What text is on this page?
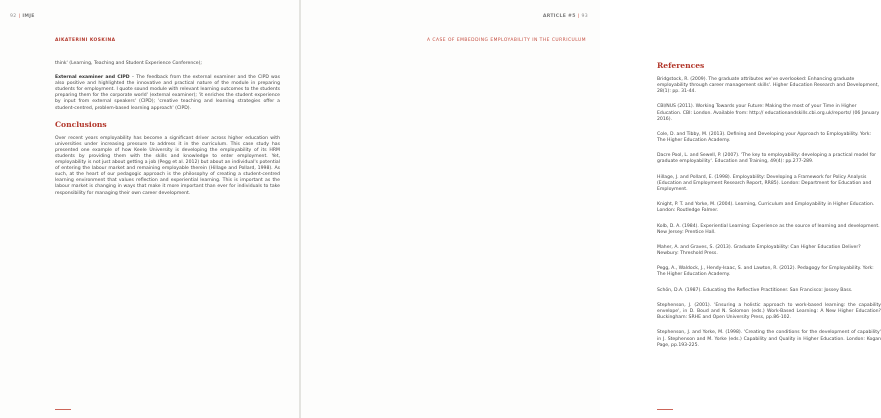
92 | IMJE
AIKATERINI KOSKINA

think' (Learning, Teaching and Student Experience Conference);

External examiner and CIPD – The feedback from the external examiner and the CIPD was also positive and highlighted the innovative and practical nature of the module in preparing students for employment. I quote sound module with relevant learning outcomes to the students preparing them for the corporate world' (external examiner); 'it enriches the student experience by input from external speakers' (CIPD); 'creative teaching and learning strategies offer a student-centred, problem-based learning approach' (CIPD).

Conclusions

Over recent years employability has become a significant driver across higher education with universities under increasing pressure to address it in the curriculum. This case study has presented one example of how Keele University is developing the employability of its HRM students by providing them with the skills and knowledge to enter employment. Yet, employability is not just about getting a job (Pegg et al. 2012) but about an individual's potential of entering the labour market and remaining employable therein (Hillage and Pollard, 1998). As such, at the heart of our pedagogic approach is the philosophy of creating a student-centred learning environment that values reflection and experiential learning. This is important as the labour market is changing in ways that make it more important than ever for individuals to take responsibility for managing their own career development.

ARTICLE #5 | 93
A CASE OF EMBEDDING EMPLOYABILITY IN THE CURRICULUM
References

Bridgstock, R. (2009). The graduate attributes we've overlooked: Enhancing graduate employability through career management skills'. Higher Education Research and Development, 28(1): pp. 31-44.

CBI/NUS (2011). Working Towards your Future: Making the most of your Time in Higher Education. CBI: London. Available from: http:// educationandskills.cbi.org.uk/reports/ (06 January 2016).

Cole, D. and Tibby, M. (2013). Defining and Developing your Approach to Employability. York: The Higher Education Academy.

Dacre Pool, L. and Sewell, P. (2007). 'The key to employability: developing a practical model for graduate employability'. Education and Training, 49(4): pp.277-289.

Hillage, J. and Pollard, E. (1998). Employability: Developing a Framework for Policy Analysis (Education and Employment Research Report, RR85). London: Department for Education and Employment.

Knight, P. T. and Yorke, M. (2004). Learning, Curriculum and Employability in Higher Education. London: Routledge Falmer.

Kolb, D. A. (1984). Experiential Learning: Experience as the source of learning and development. New Jersey: Prentice Hall.

Maher, A. and Graves, S. (2013). Graduate Employability: Can Higher Education Deliver? Newbury: Threshold Press.

Pegg, A., Waldock, J., Hendy-Isaac, S. and Lawton, R. (2012). Pedagogy for Employability. York: The Higher Education Academy.

Schön, D.A. (1987). Educating the Reflective Practitioner. San Francisco: Jossey Bass.

Stephenson, J. (2001). 'Ensuring a holistic approach to work-based learning: the capability envelope', in D. Boud and N. Solomon (eds.) Work-Based Learning: A New Higher Education? Buckingham: SRHE and Open University Press, pp.86-102.

Stephenson, J. and Yorke, M. (1998). 'Creating the conditions for the development of capability' in J. Stephenson and M. Yorke (eds.) Capability and Quality in Higher Education. London: Kogan Page, pp.193-225.
